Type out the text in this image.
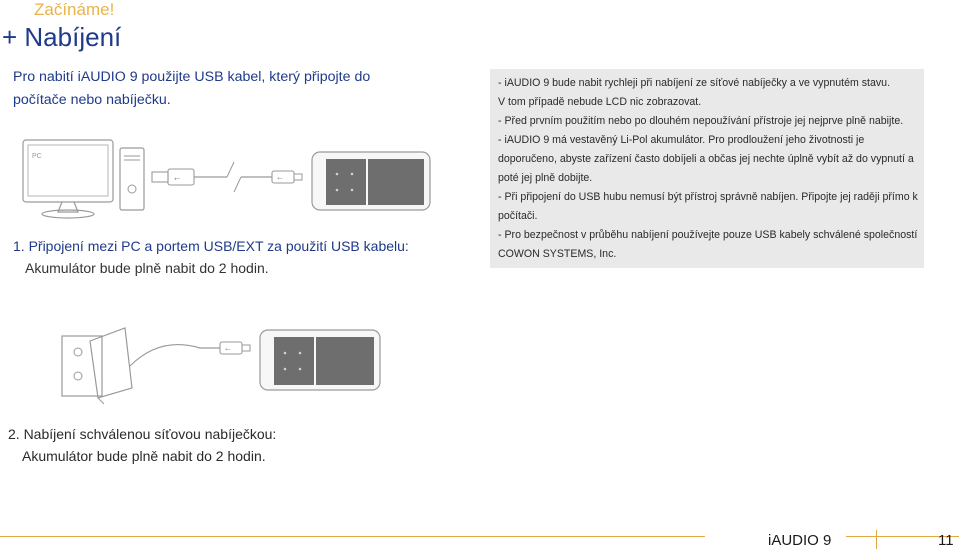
Začínáme!
+ Nabíjení
Pro nabití iAUDIO 9 použijte USB kabel, který připojte do počítače nebo nabíječku.
PC
⭠	⭠
1. Připojení mezi PC a portem USB/EXT za použití USB kabelu:
Akumulátor bude plně nabit do 2 hodin.

- iAUDIO 9 bude nabit rychleji při nabíjení ze síťové nabíječky a ve vypnutém stavu.

V tom případě nebude LCD nic zobrazovat.

- Před prvním použitím nebo po dlouhém nepoužívání přístroje jej nejprve plně nabijte.

- iAUDIO 9 má vestavěný Li-Pol akumulátor. Pro prodloužení jeho životnosti je doporučeno, abyste zařízení často dobíjeli a občas jej nechte úplně vybít až do vypnutí a poté jej plně dobijte.

- Při připojení do USB hubu nemusí být přístroj správně nabíjen. Připojte jej raději přímo k počítači.

- Pro bezpečnost v průběhu nabíjení používejte pouze USB kabely schválené společností COWON SYSTEMS, Inc.

⭠
2. Nabíjení schválenou síťovou nabíječkou:
Akumulátor bude plně nabit do 2 hodin.
iAUDIO 9	11
